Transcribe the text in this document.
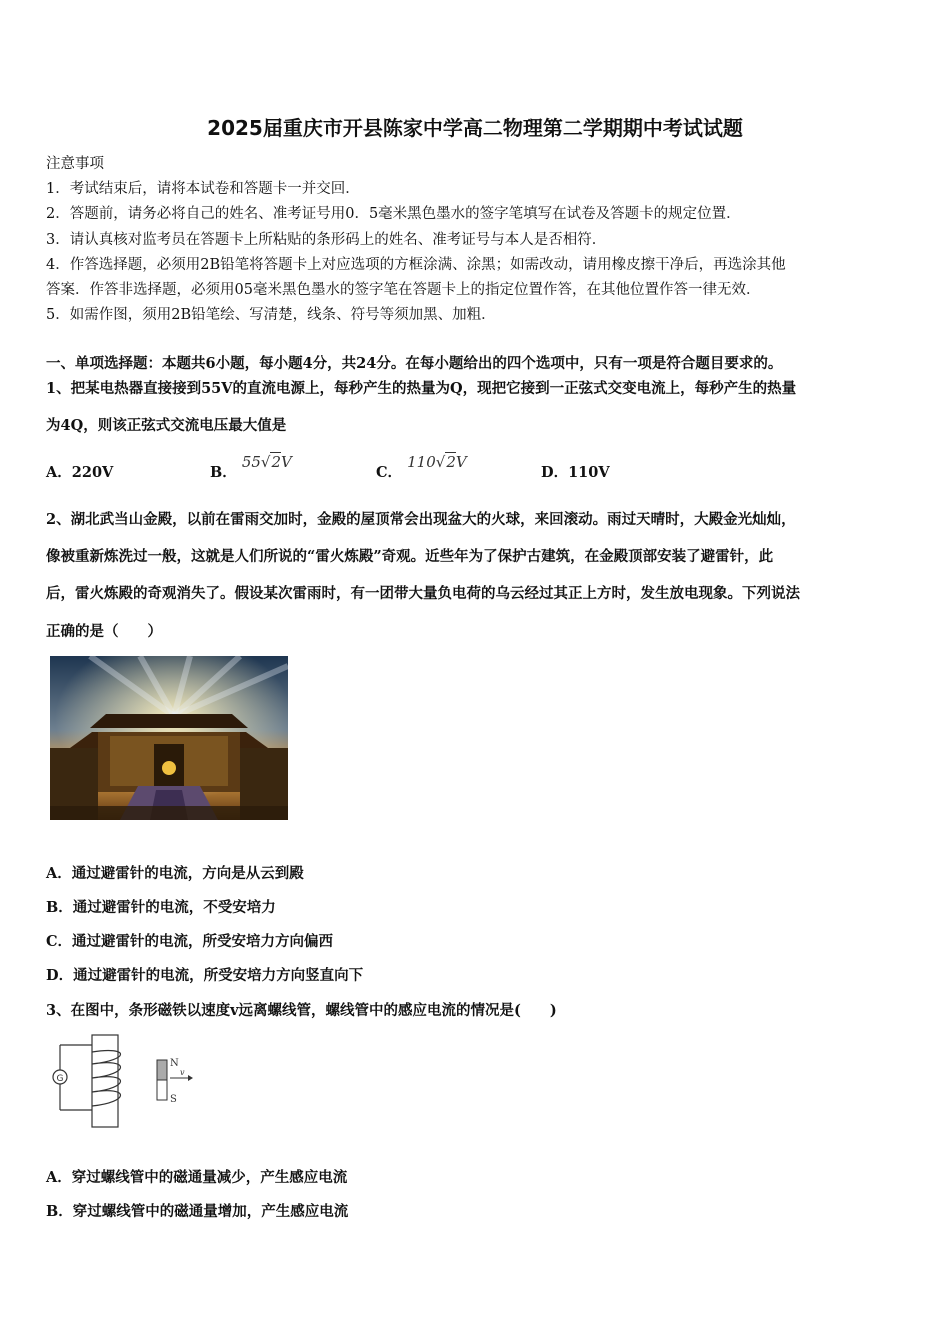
2025届重庆市开县陈家中学高二物理第二学期期中考试试题
注意事项
1．考试结束后，请将本试卷和答题卡一并交回．
2．答题前，请务必将自己的姓名、准考证号用0．5毫米黑色墨水的签字笔填写在试卷及答题卡的规定位置．
3．请认真核对监考员在答题卡上所粘贴的条形码上的姓名、准考证号与本人是否相符．
4．作答选择题，必须用2B铅笔将答题卡上对应选项的方框涂满、涂黑；如需改动，请用橡皮擦干净后，再选涂其他
答案．作答非选择题，必须用05毫米黑色墨水的签字笔在答题卡上的指定位置作答，在其他位置作答一律无效．
5．如需作图，须用2B铅笔绘、写清楚，线条、符号等须加黑、加粗．
一、单项选择题：本题共6小题，每小题4分，共24分。在每小题给出的四个选项中，只有一项是符合题目要求的。
1、把某电热器直接接到55V的直流电源上，每秒产生的热量为Q，现把它接到一正弦式交变电流上，每秒产生的热量
为4Q，则该正弦式交流电压最大值是
A．220V	B． 55√2V
C． 110√2V
D．110V
2、湖北武当山金殿，以前在雷雨交加时，金殿的屋顶常会出现盆大的火球，来回滚动。雨过天晴时，大殿金光灿灿，
像被重新炼洗过一般，这就是人们所说的“雷火炼殿”奇观。近些年为了保护古建筑，在金殿顶部安装了避雷针，此
后，雷火炼殿的奇观消失了。假设某次雷雨时，有一团带大量负电荷的乌云经过其正上方时，发生放电现象。下列说法
正确的是（　　）
A．通过避雷针的电流，方向是从云到殿
B．通过避雷针的电流，不受安培力
C．通过避雷针的电流，所受安培力方向偏西
D．通过避雷针的电流，所受安培力方向竖直向下
3、在图中，条形磁铁以速度v远离螺线管，螺线管中的感应电流的情况是(　　)
G
N
S
v
A．穿过螺线管中的磁通量减少，产生感应电流
B．穿过螺线管中的磁通量增加，产生感应电流
